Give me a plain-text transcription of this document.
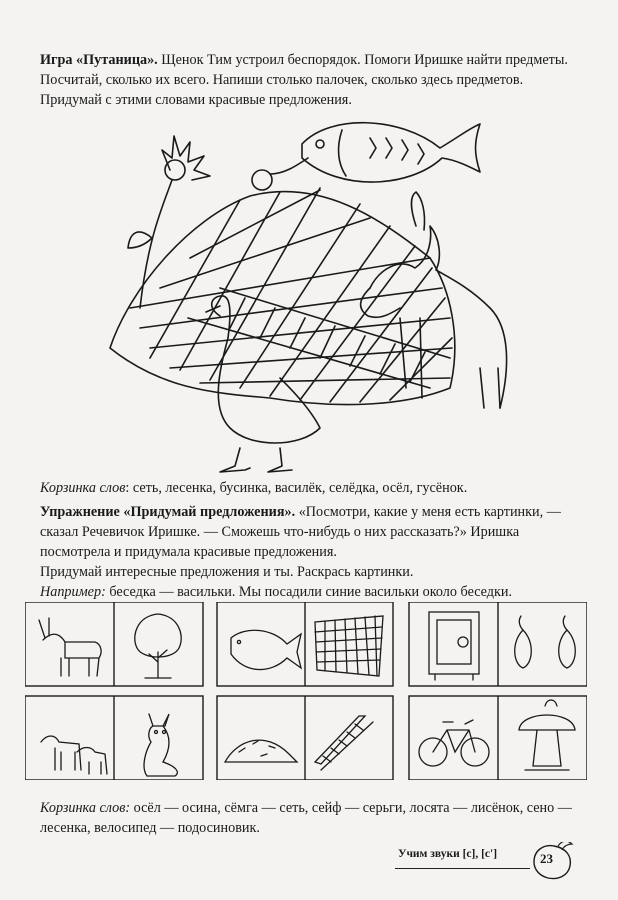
Игра «Путаница». Щенок Тим устроил беспорядок. Помоги Иришке найти предметы. Посчитай, сколько их всего. Напиши столько палочек, сколько здесь предметов. Придумай с этими словами красивые предложения.
Корзинка слов: сеть, лесенка, бусинка, василёк, селёдка, осёл, гусёнок.
Упражнение «Придумай предложения». «Посмотри, какие у меня есть картинки, — сказал Речевичок Иришке. — Сможешь что-нибудь о них рассказать?» Иришка посмотрела и придумала красивые предложения.
Придумай интересные предложения и ты. Раскрась картинки.
Например: беседка — васильки. Мы посадили синие васильки около беседки.
Корзинка слов: осёл — осина, сёмга — сеть, сейф — серьги, лосята — лисёнок, сено — лесенка, велосипед — подосиновик.
Учим звуки [с], [с']	23
